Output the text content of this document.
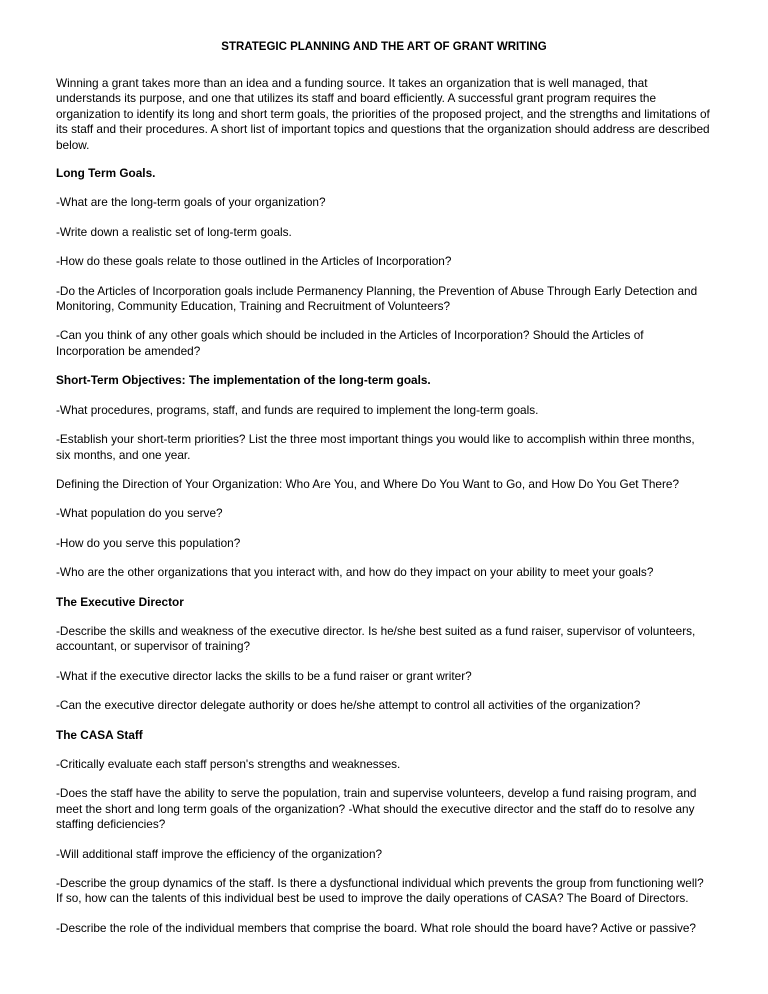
STRATEGIC PLANNING AND THE ART OF GRANT WRITING

Winning a grant takes more than an idea and a funding source. It takes an organization that is well managed, that understands its purpose, and one that utilizes its staff and board efficiently. A successful grant program requires the organization to identify its long and short term goals, the priorities of the proposed project, and the strengths and limitations of its staff and their procedures. A short list of important topics and questions that the organization should address are described below.

Long Term Goals.

-What are the long-term goals of your organization?

-Write down a realistic set of long-term goals.

-How do these goals relate to those outlined in the Articles of Incorporation?

-Do the Articles of Incorporation goals include Permanency Planning, the Prevention of Abuse Through Early Detection and Monitoring, Community Education, Training and Recruitment of Volunteers?

-Can you think of any other goals which should be included in the Articles of Incorporation? Should the Articles of Incorporation be amended?

Short-Term Objectives: The implementation of the long-term goals.

-What procedures, programs, staff, and funds are required to implement the long-term goals.

-Establish your short-term priorities? List the three most important things you would like to accomplish within three months, six months, and one year.

Defining the Direction of Your Organization: Who Are You, and Where Do You Want to Go, and How Do You Get There?

-What population do you serve?

-How do you serve this population?

-Who are the other organizations that you interact with, and how do they impact on your ability to meet your goals?

The Executive Director

-Describe the skills and weakness of the executive director. Is he/she best suited as a fund raiser, supervisor of volunteers, accountant, or supervisor of training?

-What if the executive director lacks the skills to be a fund raiser or grant writer?

-Can the executive director delegate authority or does he/she attempt to control all activities of the organization?

The CASA Staff

-Critically evaluate each staff person's strengths and weaknesses.

-Does the staff have the ability to serve the population, train and supervise volunteers, develop a fund raising program, and meet the short and long term goals of the organization? -What should the executive director and the staff do to resolve any staffing deficiencies?

-Will additional staff improve the efficiency of the organization?

-Describe the group dynamics of the staff. Is there a dysfunctional individual which prevents the group from functioning well? If so, how can the talents of this individual best be used to improve the daily operations of CASA? The Board of Directors.

-Describe the role of the individual members that comprise the board. What role should the board have? Active or passive?
